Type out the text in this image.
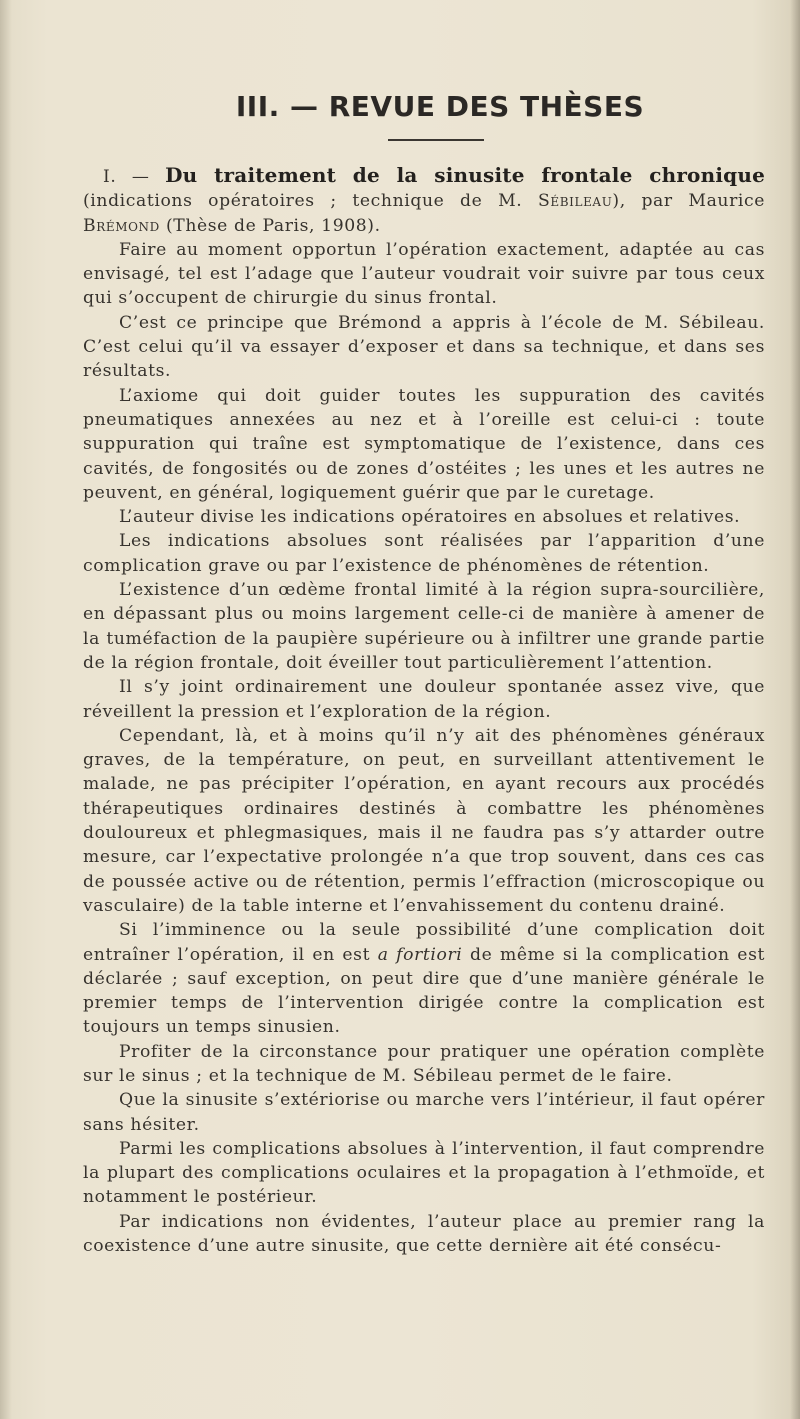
III. — REVUE DES THÈSES

I. — Du traitement de la sinusite frontale chronique (indications opératoires ; technique de M. Sébileau), par Maurice Brémond (Thèse de Paris, 1908).

Faire au moment opportun l’opération exactement, adaptée au cas envisagé, tel est l’adage que l’auteur voudrait voir suivre par tous ceux qui s’occupent de chirurgie du sinus frontal.

C’est ce principe que Brémond a appris à l’école de M. Sébileau. C’est celui qu’il va essayer d’exposer et dans sa technique, et dans ses résultats.

L’axiome qui doit guider toutes les suppuration des cavités pneumatiques annexées au nez et à l’oreille est celui-ci : toute suppuration qui traîne est symptomatique de l’existence, dans ces cavités, de fongosités ou de zones d’ostéites ; les unes et les autres ne peuvent, en général, logiquement guérir que par le curetage.

L’auteur divise les indications opératoires en absolues et relatives.

Les indications absolues sont réalisées par l’apparition d’une complication grave ou par l’existence de phénomènes de rétention.

L’existence d’un œdème frontal limité à la région supra-sourcilière, en dépassant plus ou moins largement celle-ci de manière à amener de la tuméfaction de la paupière supérieure ou à infiltrer une grande partie de la région frontale, doit éveiller tout particulièrement l’attention.

Il s’y joint ordinairement une douleur spontanée assez vive, que réveillent la pression et l’exploration de la région.

Cependant, là, et à moins qu’il n’y ait des phénomènes généraux graves, de la température, on peut, en surveillant attentivement le malade, ne pas précipiter l’opération, en ayant recours aux procédés thérapeutiques ordinaires destinés à combattre les phénomènes douloureux et phlegmasiques, mais il ne faudra pas s’y attarder outre mesure, car l’expectative prolongée n’a que trop souvent, dans ces cas de poussée active ou de rétention, permis l’effraction (microscopique ou vasculaire) de la table interne et l’envahissement du contenu drainé.

Si l’imminence ou la seule possibilité d’une complication doit entraîner l’opération, il en est a fortiori de même si la complication est déclarée ; sauf exception, on peut dire que d’une manière générale le premier temps de l’intervention dirigée contre la complication est toujours un temps sinusien.

Profiter de la circonstance pour pratiquer une opération complète sur le sinus ; et la technique de M. Sébileau permet de le faire.

Que la sinusite s’extériorise ou marche vers l’intérieur, il faut opérer sans hésiter.

Parmi les complications absolues à l’intervention, il faut comprendre la plupart des complications oculaires et la propagation à l’ethmoïde, et notamment le postérieur.

Par indications non évidentes, l’auteur place au premier rang la coexistence d’une autre sinusite, que cette dernière ait été consécu-
